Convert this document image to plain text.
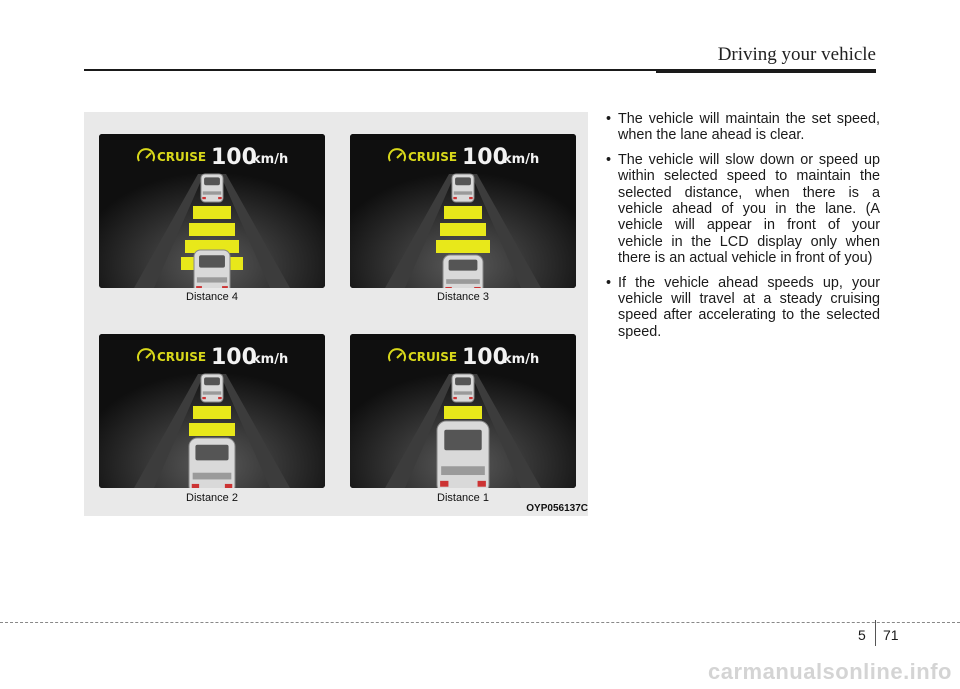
Driving your vehicle
CRUISE 100
km/h
Distance 4
CRUISE 100
km/h
Distance 3
CRUISE 100
km/h
Distance 2
CRUISE 100
km/h
Distance 1
OYP056137C
• The vehicle will maintain the set speed, when the lane ahead is clear.
• The vehicle will slow down or speed up within selected speed to maintain the selected distance, when there is a vehicle ahead of you in the lane. (A vehicle will appear in front of your vehicle in the LCD display only when there is an actual vehicle in front of you)
• If the vehicle ahead speeds up, your vehicle will travel at a steady cruising speed after accelerating to the selected speed.
5 71
carmanualsonline.info
